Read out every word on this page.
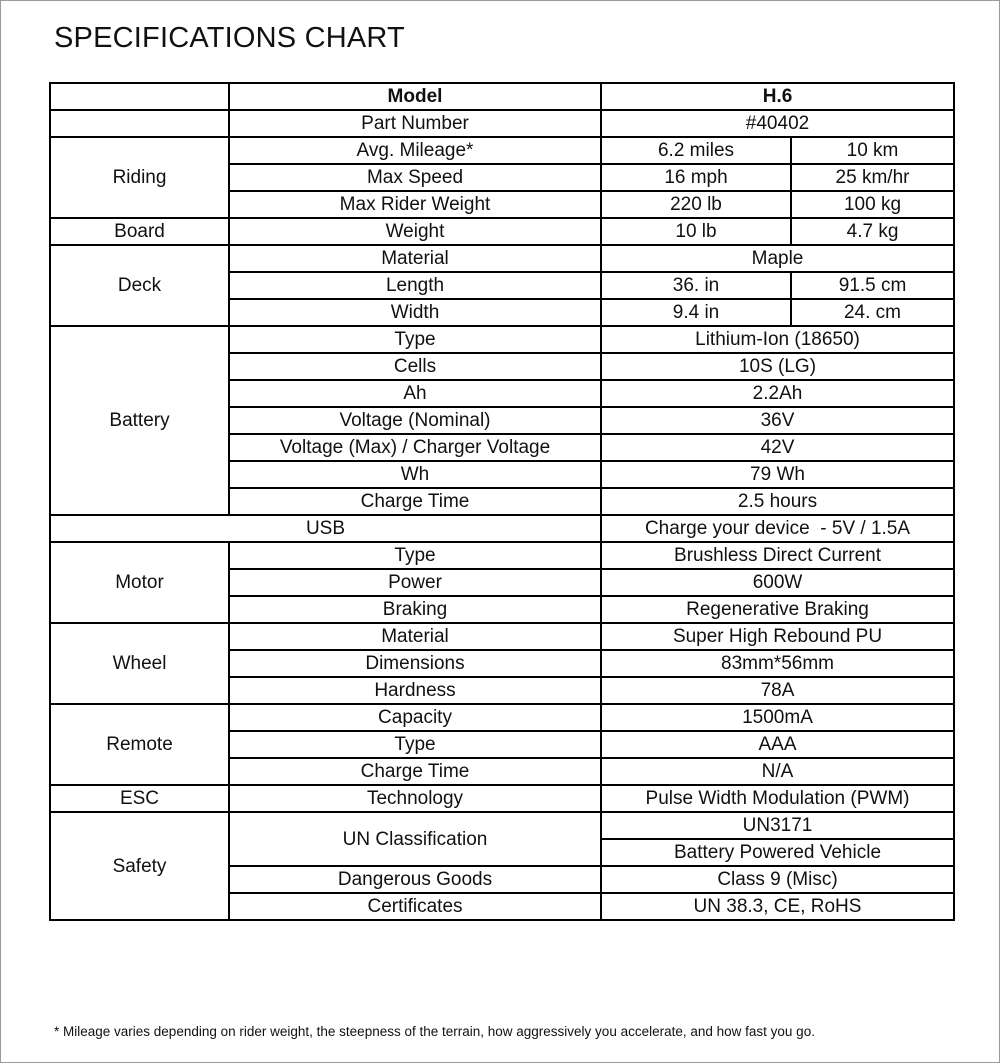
SPECIFICATIONS CHART
	Model	H.6	
	Part Number	#40402	
Riding	Avg. Mileage*	6.2 miles	10 km
	Max Speed	16 mph	25 km/hr
	Max Rider Weight	220 lb	100 kg
Board	Weight	10 lb	4.7 kg
Deck	Material	Maple	
	Length	36. in	91.5 cm
	Width	9.4 in	24. cm
Battery	Type	Lithium-Ion (18650)	
	Cells	10S (LG)	
	Ah	2.2Ah	
	Voltage (Nominal)	36V	
	Voltage (Max) / Charger Voltage	42V	
	Wh	79 Wh	
	Charge Time	2.5 hours	
USB		Charge your device  - 5V / 1.5A	
Motor	Type	Brushless Direct Current	
	Power	600W	
	Braking	Regenerative Braking	
Wheel	Material	Super High Rebound PU	
	Dimensions	83mm*56mm	
	Hardness	78A	
Remote	Capacity	1500mA	
	Type	AAA	
	Charge Time	N/A	
ESC	Technology	Pulse Width Modulation (PWM)	
Safety	UN Classification	UN3171	
		Battery Powered Vehicle	
	Dangerous Goods	Class 9 (Misc)	
	Certificates	UN 38.3, CE, RoHS	
* Mileage varies depending on rider weight, the steepness of the terrain, how aggressively you accelerate, and how fast you go.
